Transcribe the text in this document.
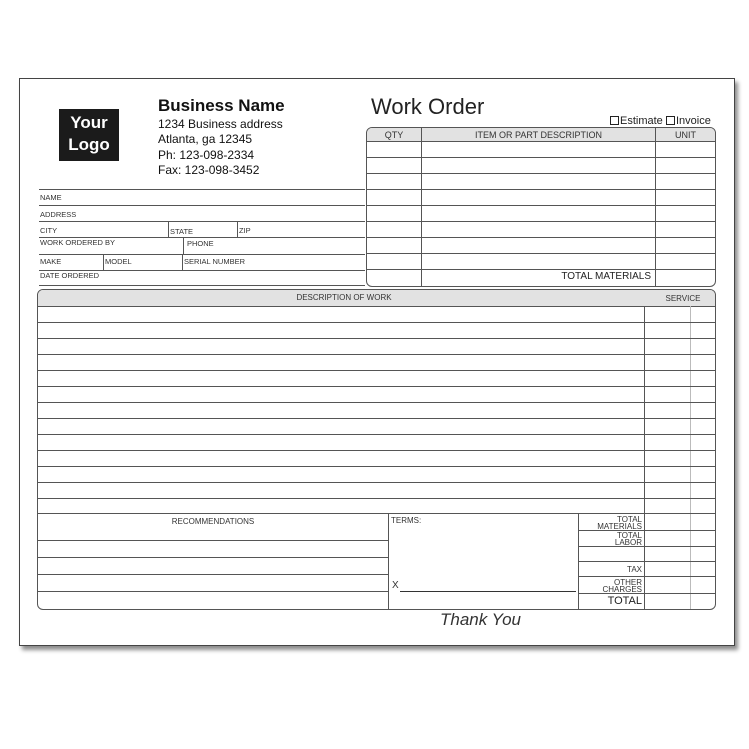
Your
Logo
Business Name
1234 Business address
Atlanta, ga 12345
Ph: 123-098-2334
Fax: 123-098-3452
Work Order
Estimate	Invoice
NAME
ADDRESS
CITY	STATE	ZIP
WORK ORDERED BY	PHONE
MAKE	MODEL	SERIAL NUMBER
DATE ORDERED
QTY	ITEM OR PART DESCRIPTION	UNIT
TOTAL MATERIALS
DESCRIPTION OF WORK	SERVICE
RECOMMENDATIONS	TERMS:
X
TOTAL
MATERIALS
TOTAL
LABOR
TAX
OTHER
CHARGES
TOTAL
Thank You
